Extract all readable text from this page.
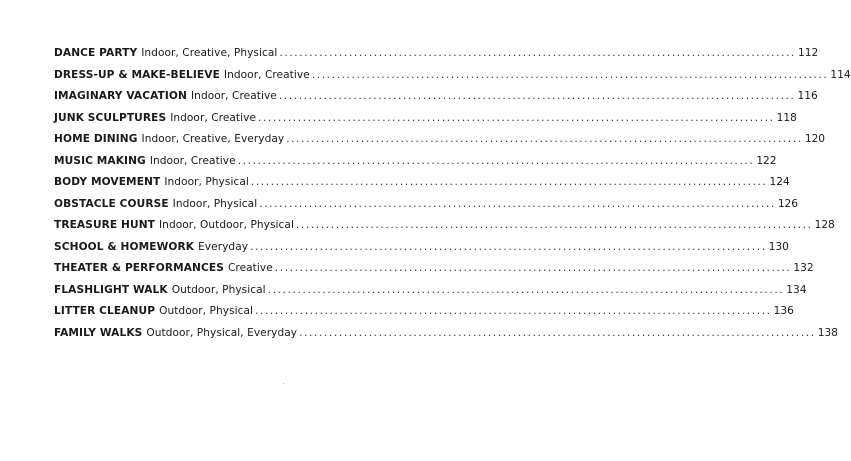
DANCE PARTY Indoor, Creative, Physical ........................................................................................................ 112
DRESS-UP & MAKE-BELIEVE Indoor, Creative ........................................................................................................ 114
IMAGINARY VACATION Indoor, Creative ........................................................................................................ 116
JUNK SCULPTURES Indoor, Creative ........................................................................................................ 118
HOME DINING Indoor, Creative, Everyday ........................................................................................................ 120
MUSIC MAKING Indoor, Creative ........................................................................................................ 122
BODY MOVEMENT Indoor, Physical ........................................................................................................ 124
OBSTACLE COURSE Indoor, Physical ........................................................................................................ 126
TREASURE HUNT Indoor, Outdoor, Physical ........................................................................................................ 128
SCHOOL & HOMEWORK Everyday ........................................................................................................ 130
THEATER & PERFORMANCES Creative ........................................................................................................ 132
FLASHLIGHT WALK Outdoor, Physical ........................................................................................................ 134
LITTER CLEANUP Outdoor, Physical ........................................................................................................ 136
FAMILY WALKS Outdoor, Physical, Everyday ........................................................................................................ 138
